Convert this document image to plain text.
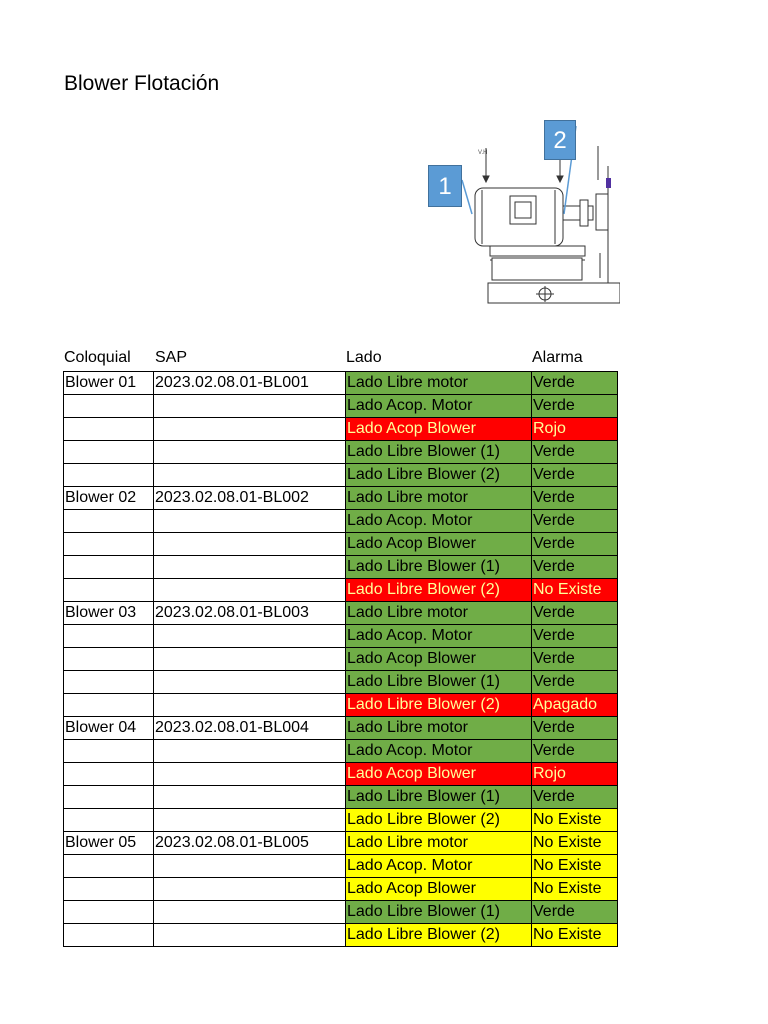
Blower Flotación
V.H
1
2
Coloquial SAP	Lado	Alarma
Blower 01	2023.02.08.01-BL001	Lado Libre motor	Verde
		Lado Acop. Motor	Verde
		Lado Acop Blower	Rojo
		Lado Libre Blower (1)	Verde
		Lado Libre Blower (2)	Verde
Blower 02	2023.02.08.01-BL002	Lado Libre motor	Verde
		Lado Acop. Motor	Verde
		Lado Acop Blower	Verde
		Lado Libre Blower (1)	Verde
		Lado Libre Blower (2)	No Existe
Blower 03	2023.02.08.01-BL003	Lado Libre motor	Verde
		Lado Acop. Motor	Verde
		Lado Acop Blower	Verde
		Lado Libre Blower (1)	Verde
		Lado Libre Blower (2)	Apagado
Blower 04	2023.02.08.01-BL004	Lado Libre motor	Verde
		Lado Acop. Motor	Verde
		Lado Acop Blower	Rojo
		Lado Libre Blower (1)	Verde
		Lado Libre Blower (2)	No Existe
Blower 05	2023.02.08.01-BL005	Lado Libre motor	No Existe
		Lado Acop. Motor	No Existe
		Lado Acop Blower	No Existe
		Lado Libre Blower (1)	Verde
		Lado Libre Blower (2)	No Existe
